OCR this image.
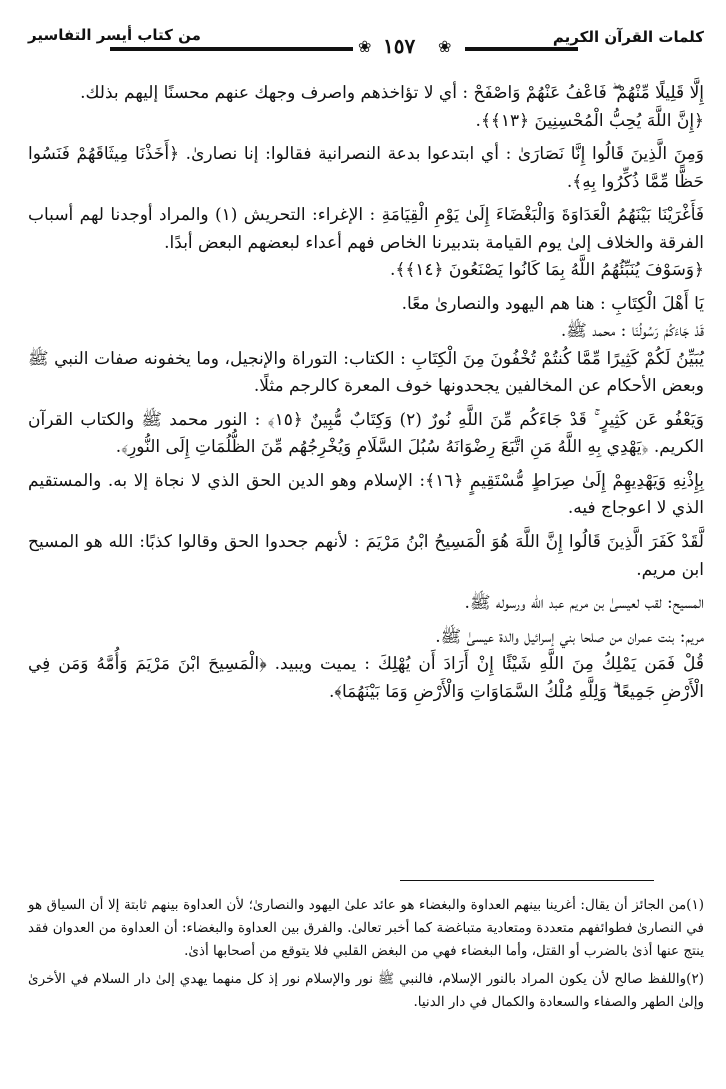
كلمات القرآن الكريم
❀
١٥٧
❀
من كتاب أيسر التفاسير

إِلَّا قَلِيلًا مِّنْهُمْ ۖ فَاعْفُ عَنْهُمْ وَاصْفَحْ : أي لا تؤاخذهم واصرف وجهك عنهم محسنًا إليهم بذلك.

﴿إِنَّ اللَّهَ يُحِبُّ الْمُحْسِنِينَ ﴿١٣﴾﴾.

وَمِنَ الَّذِينَ قَالُوا إِنَّا نَصَارَىٰ : أي ابتدعوا بدعة النصرانية فقالوا: إنا نصارىٰ. ﴿أَخَذْنَا مِيثَاقَهُمْ فَنَسُوا حَظًّا مِّمَّا ذُكِّرُوا بِهِ﴾.

فَأَغْرَيْنَا بَيْنَهُمُ الْعَدَاوَةَ وَالْبَغْضَاءَ إِلَىٰ يَوْمِ الْقِيَامَةِ : الإغراء: التحريش (١) والمراد أوجدنا لهم أسباب الفرقة والخلاف إلىٰ يوم القيامة بتدبيرنا الخاص فهم أعداء لبعضهم البعض أبدًا.

﴿وَسَوْفَ يُنَبِّئُهُمُ اللَّهُ بِمَا كَانُوا يَصْنَعُونَ ﴿١٤﴾﴾.

يَا أَهْلَ الْكِتَابِ : هنا هم اليهود والنصارىٰ معًا.

قَدْ جَاءَكُمْ رَسُولُنَا : محمد ﷺ.

يُبَيِّنُ لَكُمْ كَثِيرًا مِّمَّا كُنتُمْ تُخْفُونَ مِنَ الْكِتَابِ : الكتاب: التوراة والإنجيل، وما يخفونه صفات النبي ﷺ وبعض الأحكام عن المخالفين يجحدونها خوف المعرة كالرجم مثلًا.

وَيَعْفُو عَن كَثِيرٍ ۚ قَدْ جَاءَكُم مِّنَ اللَّهِ نُورٌ (٢) وَكِتَابٌ مُّبِينٌ ﴿١٥﴾ : النور محمد ﷺ والكتاب القرآن الكريم. ﴿يَهْدِي بِهِ اللَّهُ مَنِ اتَّبَعَ رِضْوَانَهُ سُبُلَ السَّلَامِ وَيُخْرِجُهُم مِّنَ الظُّلُمَاتِ إِلَى النُّورِ﴾.

بِإِذْنِهِ وَيَهْدِيهِمْ إِلَىٰ صِرَاطٍ مُّسْتَقِيمٍ ﴿١٦﴾: الإسلام وهو الدين الحق الذي لا نجاة إلا به. والمستقيم الذي لا اعوجاج فيه.

لَّقَدْ كَفَرَ الَّذِينَ قَالُوا إِنَّ اللَّهَ هُوَ الْمَسِيحُ ابْنُ مَرْيَمَ : لأنهم جحدوا الحق وقالوا كذبًا: الله هو المسيح ابن مريم.

المسيح: لقب لعيسىٰ بن مريم عبد الله ورسوله ﷺ.

مريم: بنت عمران من صلحا بني إسرائيل والدة عيسىٰ ﷺ.

قُلْ فَمَن يَمْلِكُ مِنَ اللَّهِ شَيْئًا إِنْ أَرَادَ أَن يُهْلِكَ : يميت ويبيد. ﴿الْمَسِيحَ ابْنَ مَرْيَمَ وَأُمَّهُ وَمَن فِي الْأَرْضِ جَمِيعًا ۗ وَلِلَّهِ مُلْكُ السَّمَاوَاتِ وَالْأَرْضِ وَمَا بَيْنَهُمَا﴾.

(١)من الجائز أن يقال: أغرينا بينهم العداوة والبغضاء هو عائد علىٰ اليهود والنصارىٰ؛ لأن العداوة بينهم ثابتة إلا أن السياق هو في النصارىٰ فطوائفهم متعددة ومتعادية متباغضة كما أخبر تعالىٰ. والفرق بين العداوة والبغضاء: أن العداوة من العدوان فقد ينتج عنها أذىٰ بالضرب أو القتل، وأما البغضاء فهي من البغض القلبي فلا يتوقع من أصحابها أذىٰ.

(٢)واللفظ صالح لأن يكون المراد بالنور الإسلام، فالنبي ﷺ نور والإسلام نور إذ كل منهما يهدي إلىٰ دار السلام في الأخرىٰ وإلىٰ الطهر والصفاء والسعادة والكمال في دار الدنيا.
